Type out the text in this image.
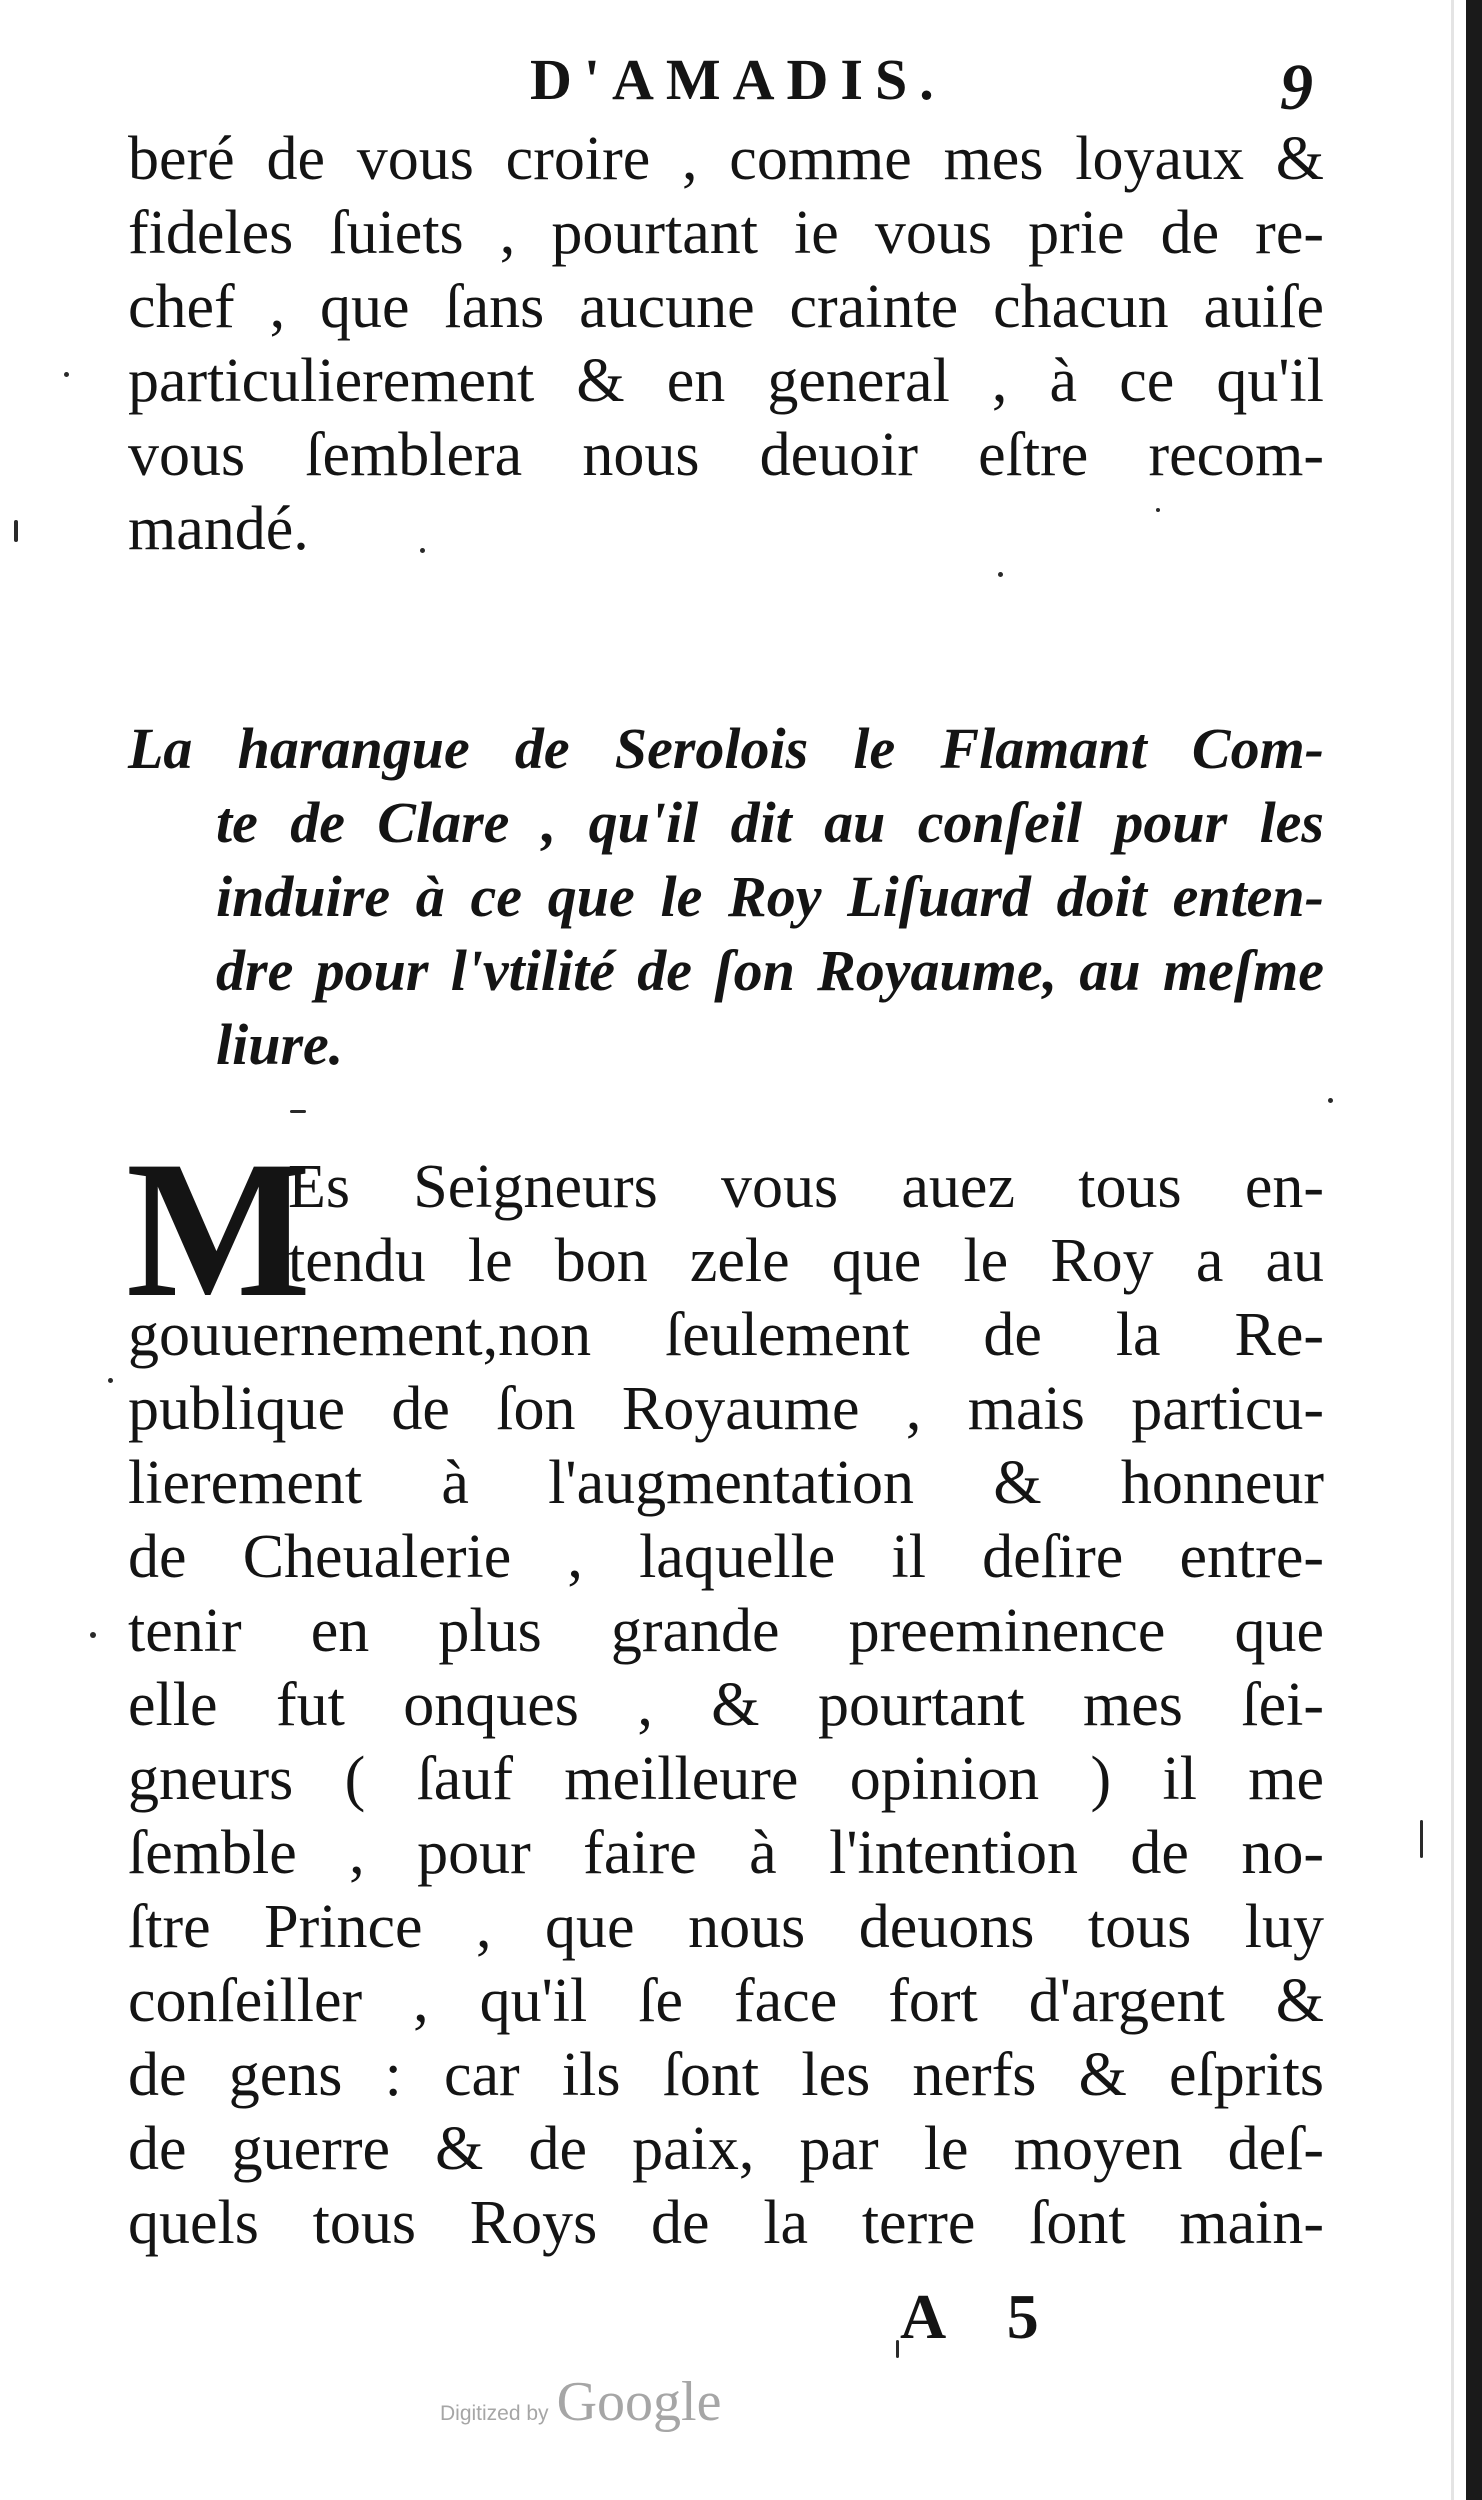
D'AMADIS.	9
beré de vous croire , comme mes loyaux &
fideles ſuiets , pourtant ie vous prie de re-
chef , que ſans aucune crainte chacun auiſe
particulierement & en general , à ce qu'il
vous ſemblera nous deuoir eſtre recom-
mandé.
La harangue de Serolois le Flamant Com-
te de Clare , qu'il dit au conſeil pour les
induire à ce que le Roy Liſuard doit enten-
dre pour l'vtilité de ſon Royaume, au meſme
liure.
M
Es Seigneurs vous auez tous en-
tendu le bon zele que le Roy a au
gouuernement,non ſeulement de la Re-
publique de ſon Royaume , mais particu-
lierement à l'augmentation & honneur
de Cheualerie , laquelle il deſire entre-
tenir en plus grande preeminence que
elle fut onques , & pourtant mes ſei-
gneurs ( ſauf meilleure opinion ) il me
ſemble , pour faire à l'intention de no-
ſtre Prince , que nous deuons tous luy
conſeiller , qu'il ſe face fort d'argent &
de gens : car ils ſont les nerfs & eſprits
de guerre & de paix, par le moyen deſ-
quels tous Roys de la terre ſont main-
A 5
Digitized by Google
